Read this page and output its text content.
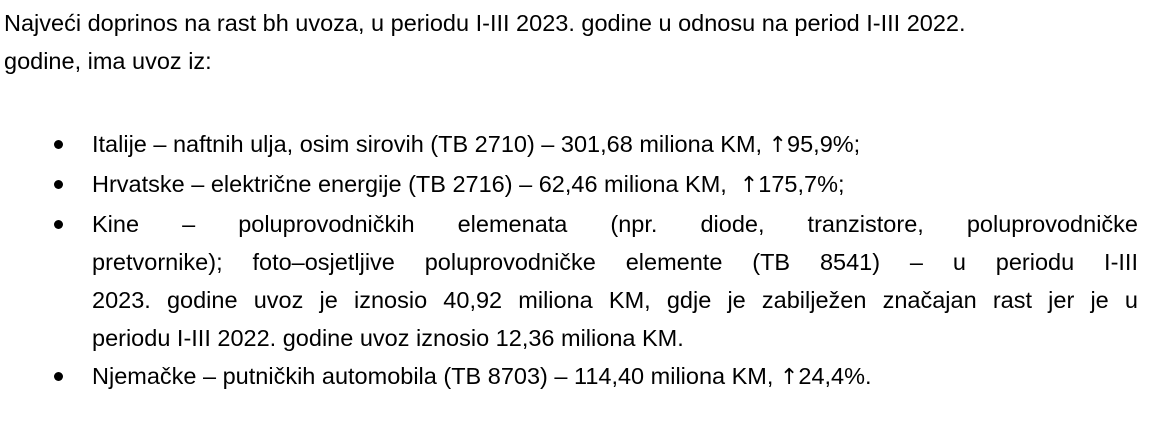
Najveći doprinos na rast bh uvoza, u periodu I-III 2023. godine u odnosu na period I-III 2022.
godine, ima uvoz iz:

Italije – naftnih ulja, osim sirovih (TB 2710) – 301,68 miliona KM, ↑95,9%;
Hrvatske – električne energije (TB 2716) – 62,46 miliona KM,  ↑175,7%;
Kine – poluprovodničkih elemenata (npr. diode, tranzistore, poluprovodničke
pretvornike); foto–osjetljive poluprovodničke elemente (TB 8541) – u periodu I-III
2023. godine uvoz je iznosio 40,92 miliona KM, gdje je zabilježen značajan rast jer je u
periodu I-III 2022. godine uvoz iznosio 12,36 miliona KM.
Njemačke – putničkih automobila (TB 8703) – 114,40 miliona KM, ↑24,4%.
